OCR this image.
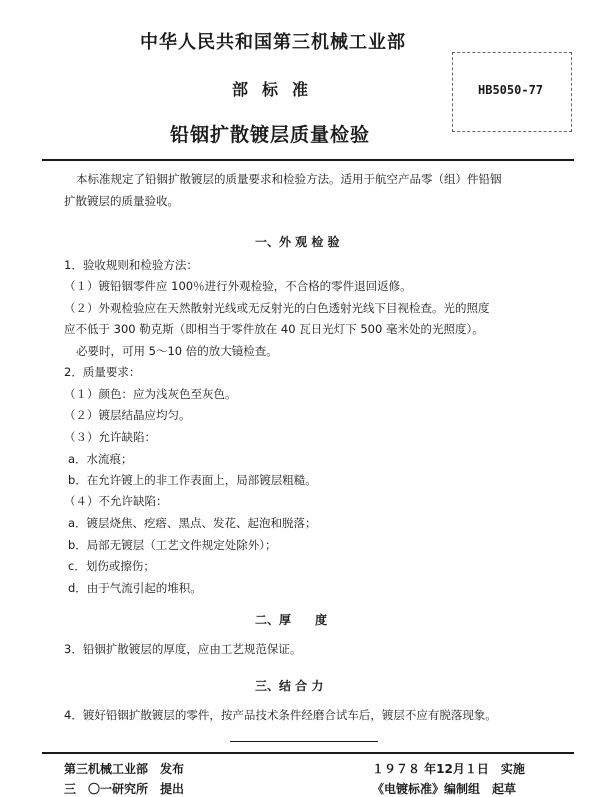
中华人民共和国第三机械工业部
部标准	HB5050-77
铅铟扩散镀层质量检验
本标准规定了铅铟扩散镀层的质量要求和检验方法。适用于航空产品零（组）件铅铟
扩散镀层的质量验收。
一、外 观 检 验
1．验收规则和检验方法：
（１）镀铅铟零件应 100％进行外观检验，不合格的零件退回返修。
（２）外观检验应在天然散射光线或无反射光的白色透射光线下目视检查。光的照度
应不低于 300 勒克斯（即相当于零件放在 40 瓦日光灯下 500 毫米处的光照度）。
必要时，可用 5～10 倍的放大镜检查。
2．质量要求：
（１）颜色：应为浅灰色至灰色。
（２）镀层结晶应均匀。
（３）允许缺陷：
a．水流痕；
b．在允许镀上的非工作表面上，局部镀层粗糙。
（４）不允许缺陷：
a．镀层烧焦、疙瘩、黑点、发花、起泡和脱落；
b．局部无镀层（工艺文件规定处除外）；
c．划伤或擦伤；
d．由于气流引起的堆积。
二、厚　　度
3．铅铟扩散镀层的厚度，应由工艺规范保证。
三、结 合 力
4．镀好铅铟扩散镀层的零件，按产品技术条件经磨合试车后，镀层不应有脱落现象。
第三机械工业部　发布	１９７８ 年12月１日　实施
三　〇一研究所　提出	《电镀标准》编制组　起草
